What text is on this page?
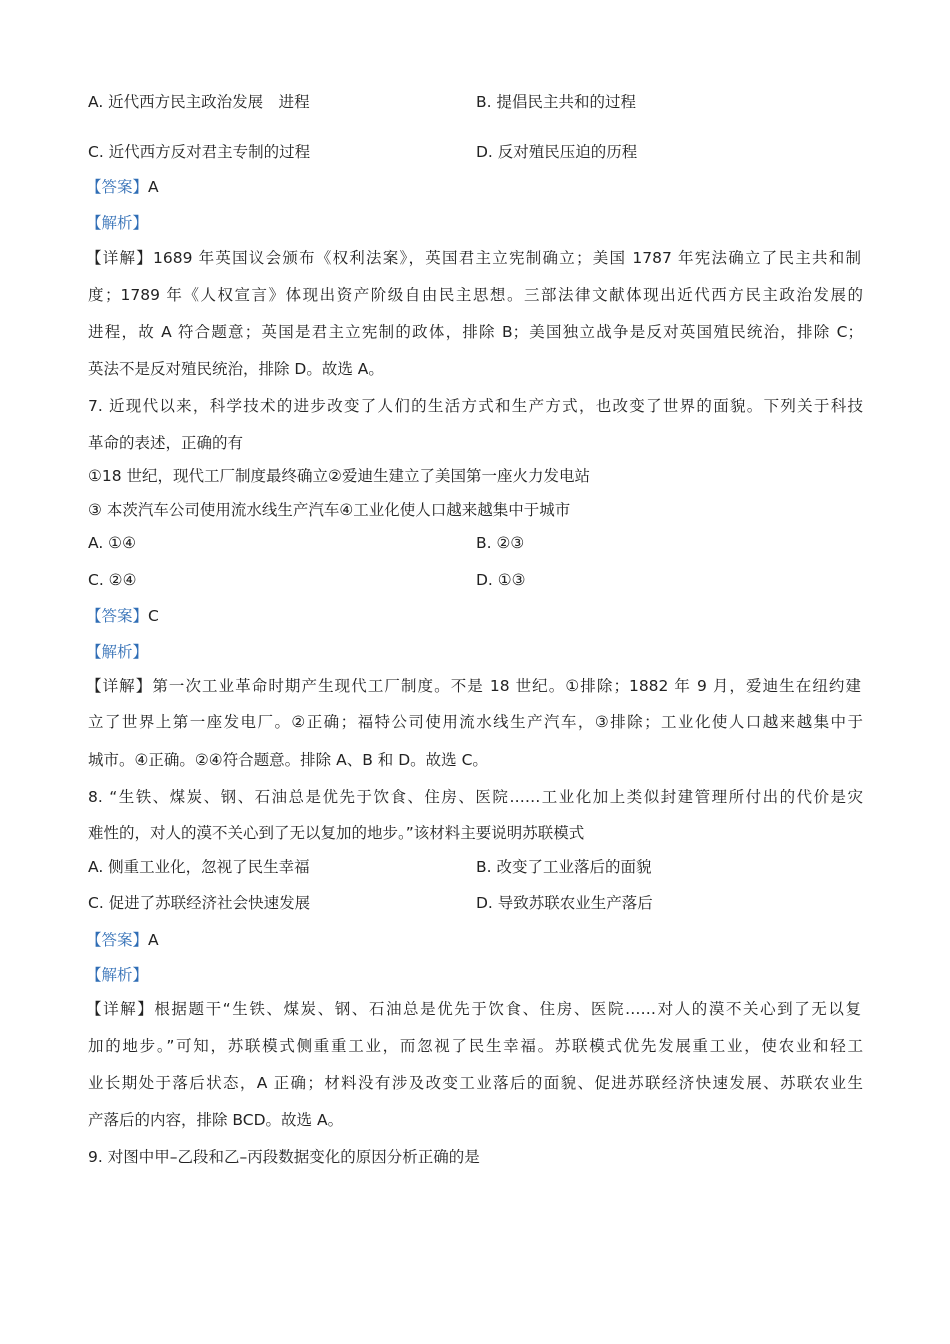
A. 近代西方民主政治发展　进程	B. 提倡民主共和的过程
C. 近代西方反对君主专制的过程	D. 反对殖民压迫的历程
【答案】A
【解析】
【详解】1689 年英国议会颁布《权利法案》，英国君主立宪制确立；美国 1787 年宪法确立了民主共和制
度；1789 年《人权宣言》体现出资产阶级自由民主思想。三部法律文献体现出近代西方民主政治发展的
进程，故 A 符合题意；英国是君主立宪制的政体，排除 B；美国独立战争是反对英国殖民统治，排除 C；
英法不是反对殖民统治，排除 D。故选 A。
7. 近现代以来，科学技术的进步改变了人们的生活方式和生产方式，也改变了世界的面貌。下列关于科技
革命的表述，正确的有
①18 世纪，现代工厂制度最终确立②爱迪生建立了美国第一座火力发电站
③ 本茨汽车公司使用流水线生产汽车④工业化使人口越来越集中于城市
A. ①④	B. ②③
C. ②④	D. ①③
【答案】C
【解析】
【详解】第一次工业革命时期产生现代工厂制度。不是 18 世纪。①排除；1882 年 9 月，爱迪生在纽约建
立了世界上第一座发电厂。②正确；福特公司使用流水线生产汽车，③排除；工业化使人口越来越集中于
城市。④正确。②④符合题意。排除 A、B 和 D。故选 C。
8. “生铁、煤炭、钢、石油总是优先于饮食、住房、医院……工业化加上类似封建管理所付出的代价是灾
难性的，对人的漠不关心到了无以复加的地步。”该材料主要说明苏联模式
A. 侧重工业化，忽视了民生幸福	B. 改变了工业落后的面貌
C. 促进了苏联经济社会快速发展	D. 导致苏联农业生产落后
【答案】A
【解析】
【详解】根据题干“生铁、煤炭、钢、石油总是优先于饮食、住房、医院……对人的漠不关心到了无以复
加的地步。”可知，苏联模式侧重重工业，而忽视了民生幸福。苏联模式优先发展重工业，使农业和轻工
业长期处于落后状态，A 正确；材料没有涉及改变工业落后的面貌、促进苏联经济快速发展、苏联农业生
产落后的内容，排除 BCD。故选 A。
9. 对图中甲–乙段和乙–丙段数据变化的原因分析正确的是
